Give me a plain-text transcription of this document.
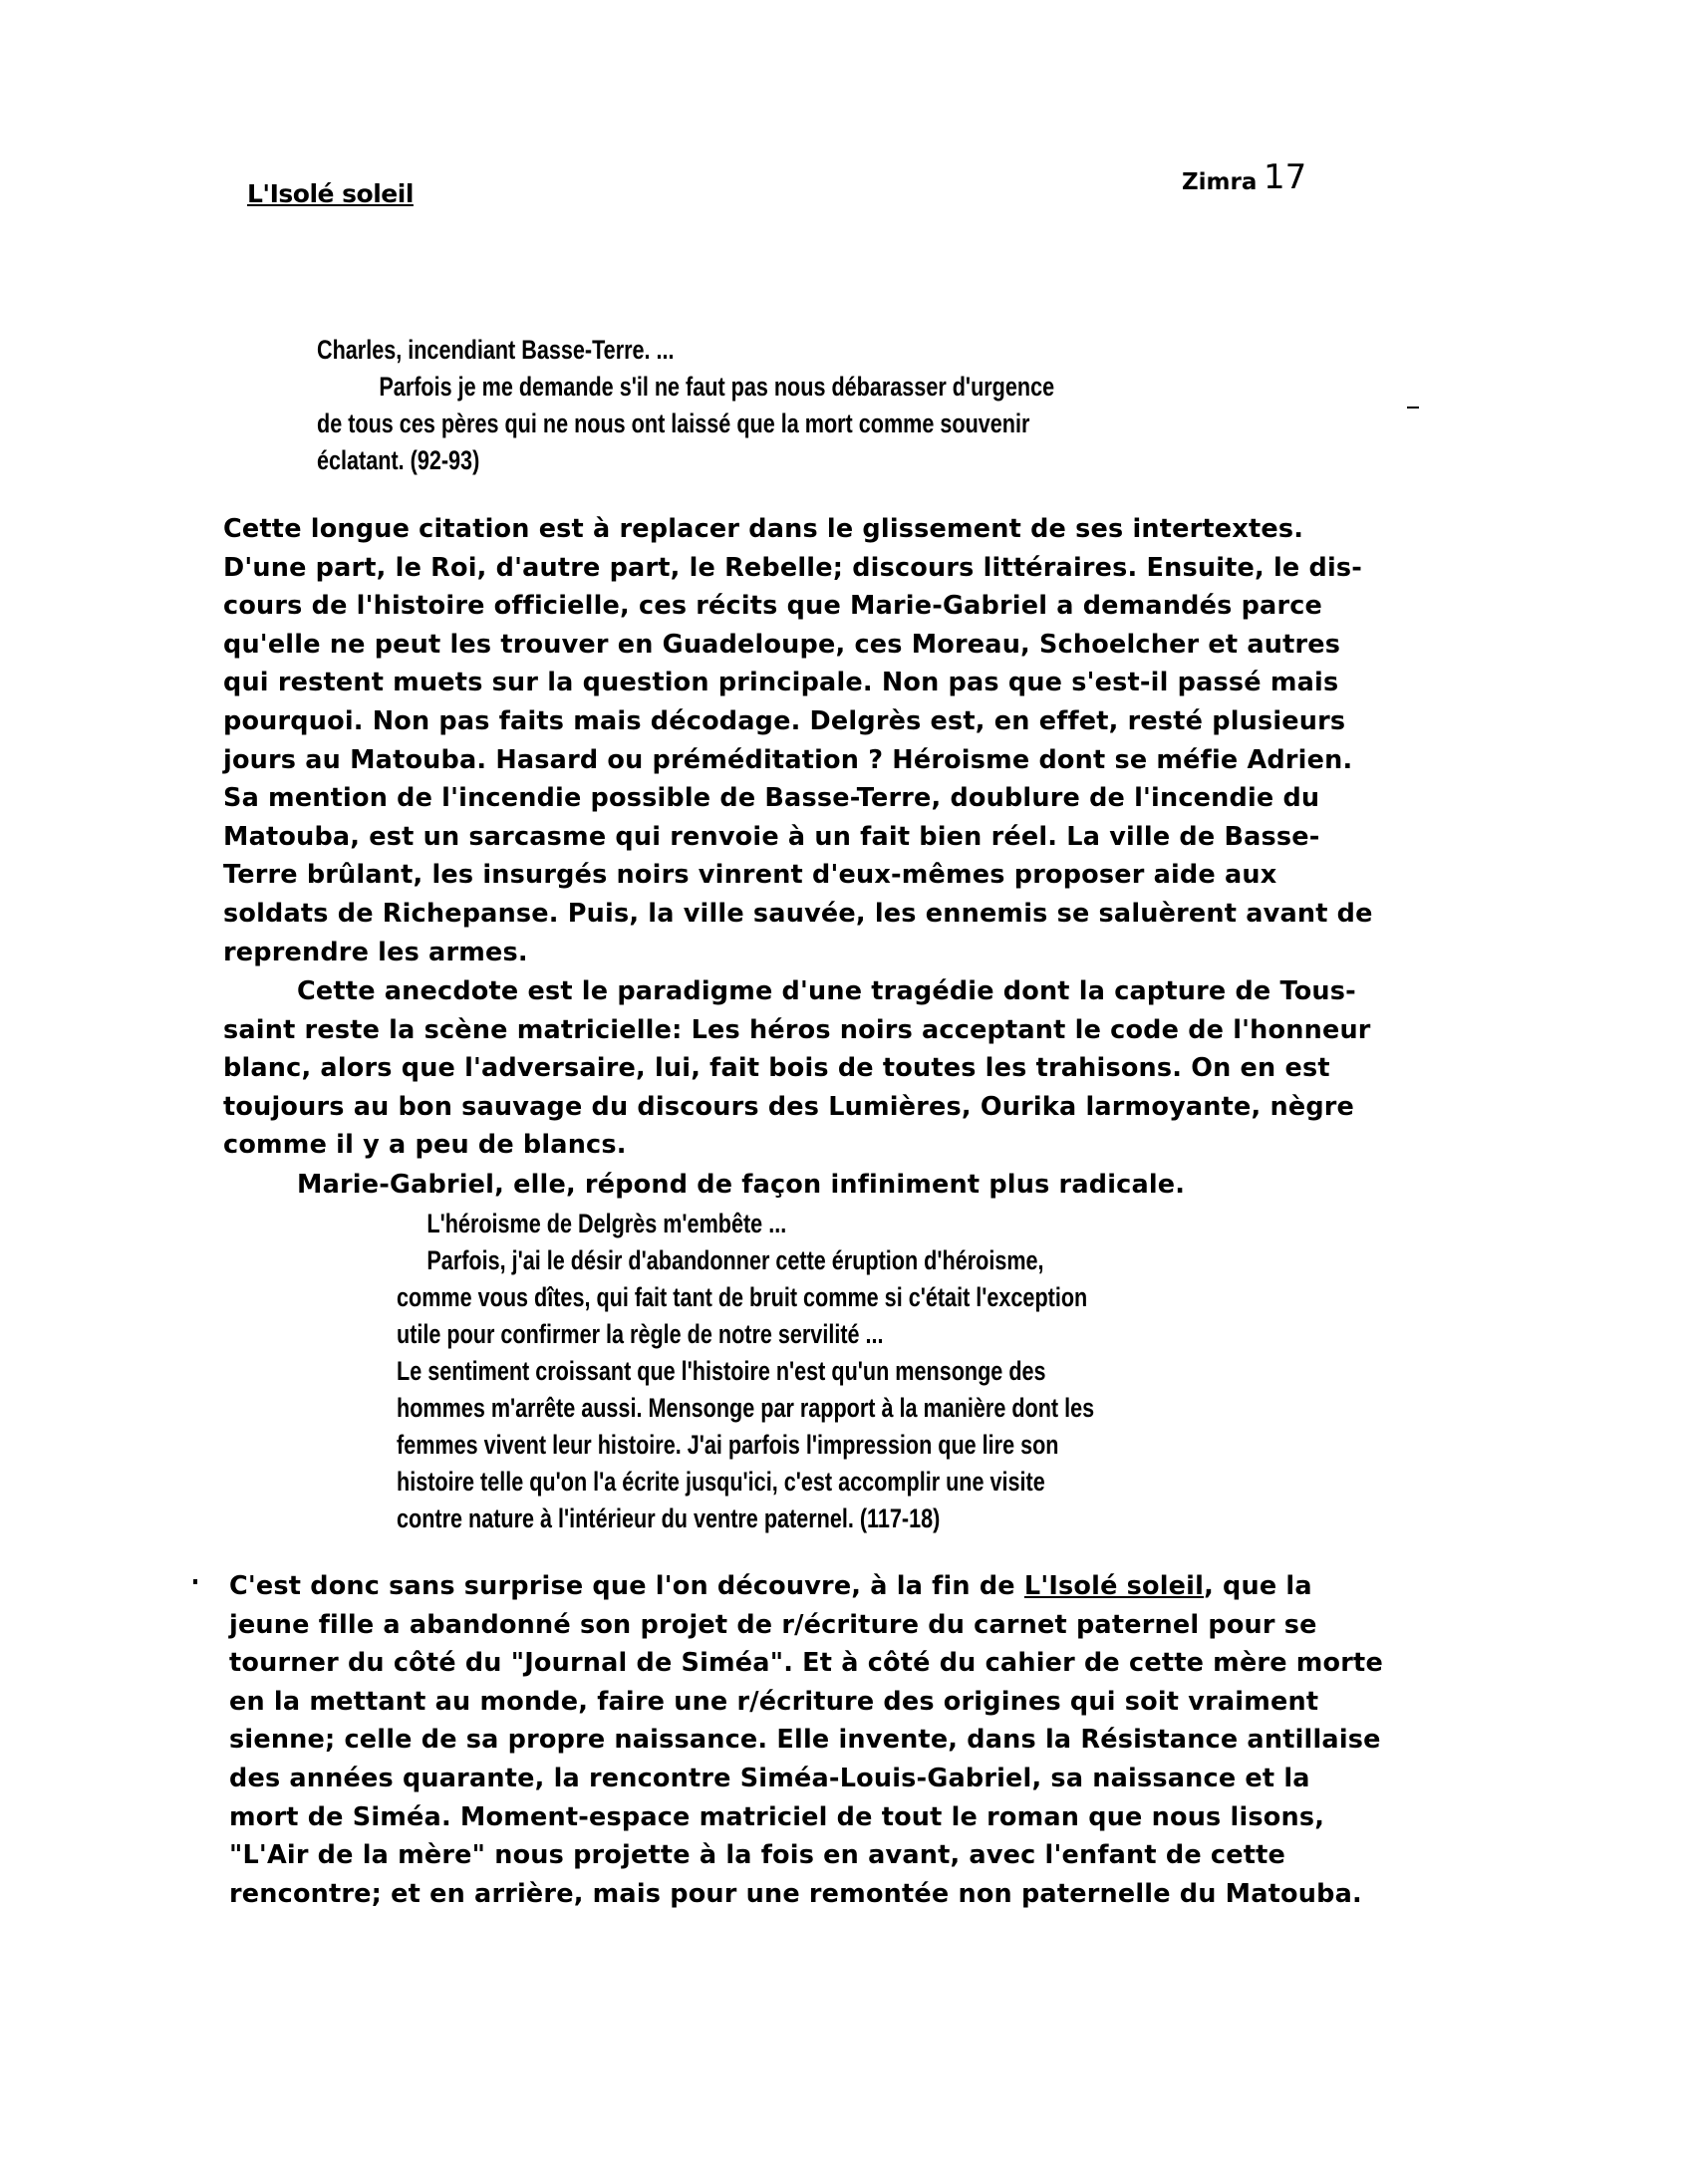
L'Isolé soleil	Zimra 17
Charles, incendiant Basse-Terre. ...
Parfois je me demande s'il ne faut pas nous débarasser d'urgence
de tous ces pères qui ne nous ont laissé que la mort comme souvenir
éclatant. (92-93)
Cette longue citation est à replacer dans le glissement de ses intertextes.
D'une part, le Roi, d'autre part, le Rebelle; discours littéraires. Ensuite, le dis-
cours de l'histoire officielle, ces récits que Marie-Gabriel a demandés parce
qu'elle ne peut les trouver en Guadeloupe, ces Moreau, Schoelcher et autres
qui restent muets sur la question principale. Non pas que s'est-il passé mais
pourquoi. Non pas faits mais décodage. Delgrès est, en effet, resté plusieurs
jours au Matouba. Hasard ou préméditation ? Héroisme dont se méfie Adrien.
Sa mention de l'incendie possible de Basse-Terre, doublure de l'incendie du
Matouba, est un sarcasme qui renvoie à un fait bien réel. La ville de Basse-
Terre brûlant, les insurgés noirs vinrent d'eux-mêmes proposer aide aux
soldats de Richepanse. Puis, la ville sauvée, les ennemis se saluèrent avant de
reprendre les armes.
Cette anecdote est le paradigme d'une tragédie dont la capture de Tous-
saint reste la scène matricielle: Les héros noirs acceptant le code de l'honneur
blanc, alors que l'adversaire, lui, fait bois de toutes les trahisons. On en est
toujours au bon sauvage du discours des Lumières, Ourika larmoyante, nègre
comme il y a peu de blancs.
Marie-Gabriel, elle, répond de façon infiniment plus radicale.
L'héroisme de Delgrès m'embête ...
Parfois, j'ai le désir d'abandonner cette éruption d'héroisme,
comme vous dîtes, qui fait tant de bruit comme si c'était l'exception
utile pour confirmer la règle de notre servilité ...
Le sentiment croissant que l'histoire n'est qu'un mensonge des
hommes m'arrête aussi. Mensonge par rapport à la manière dont les
femmes vivent leur histoire. J'ai parfois l'impression que lire son
histoire telle qu'on l'a écrite jusqu'ici, c'est accomplir une visite
contre nature à l'intérieur du ventre paternel. (117-18)
C'est donc sans surprise que l'on découvre, à la fin de L'Isolé soleil, que la
jeune fille a abandonné son projet de r/écriture du carnet paternel pour se
tourner du côté du "Journal de Siméa". Et à côté du cahier de cette mère morte
en la mettant au monde, faire une r/écriture des origines qui soit vraiment
sienne; celle de sa propre naissance. Elle invente, dans la Résistance antillaise
des années quarante, la rencontre Siméa-Louis-Gabriel, sa naissance et la
mort de Siméa. Moment-espace matriciel de tout le roman que nous lisons,
"L'Air de la mère" nous projette à la fois en avant, avec l'enfant de cette
rencontre; et en arrière, mais pour une remontée non paternelle du Matouba.
